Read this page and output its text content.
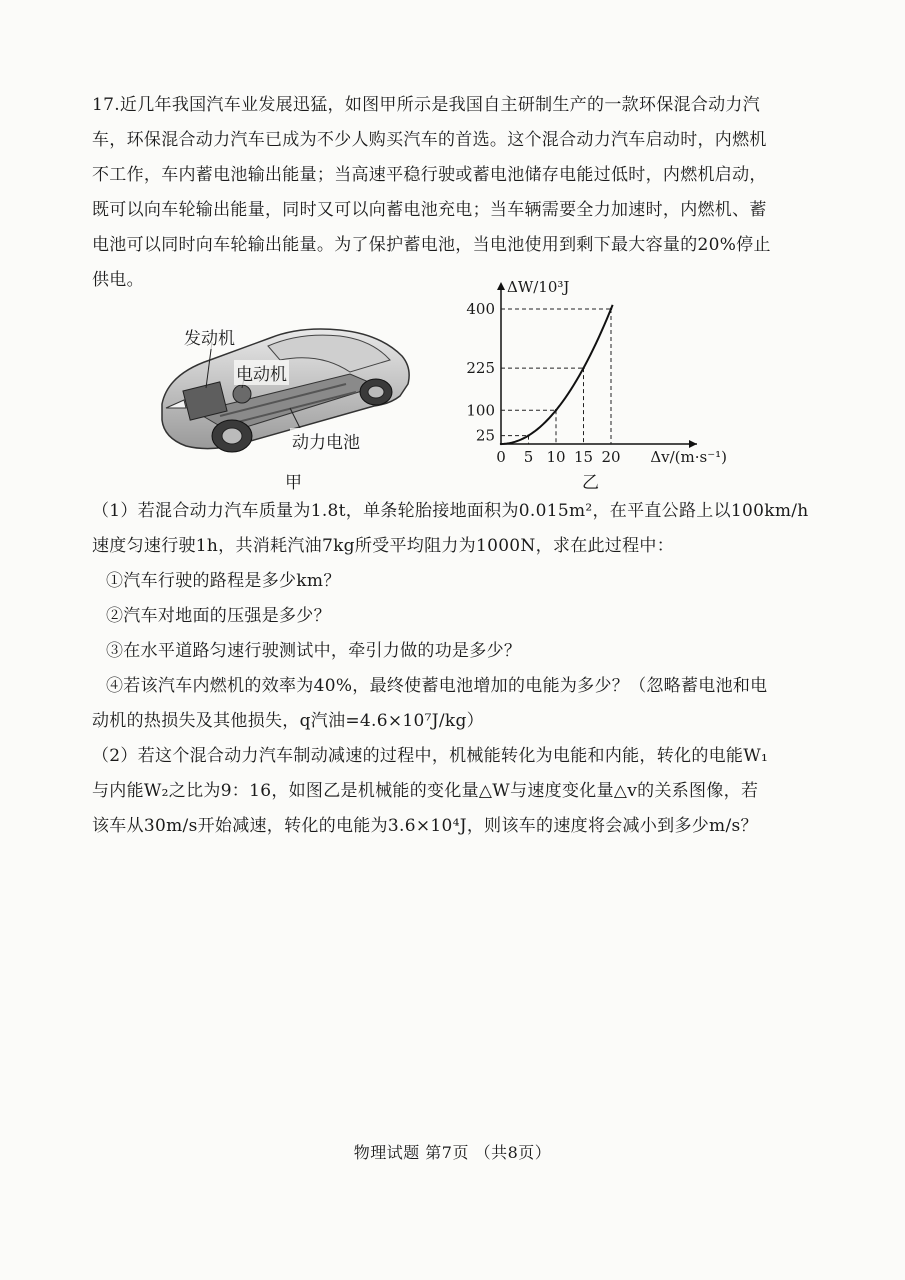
17.近几年我国汽车业发展迅猛，如图甲所示是我国自主研制生产的一款环保混合动力汽
车，环保混合动力汽车已成为不少人购买汽车的首选。这个混合动力汽车启动时，内燃机
不工作，车内蓄电池输出能量；当高速平稳行驶或蓄电池储存电能过低时，内燃机启动，
既可以向车轮输出能量，同时又可以向蓄电池充电；当车辆需要全力加速时，内燃机、蓄
电池可以同时向车轮输出能量。为了保护蓄电池，当电池使用到剩下最大容量的20%停止
供电。
发动机
电动机
动力电池
甲
0 5 10 15 20
25
100
225
400
ΔW/10³J
Δv/(m·s⁻¹)
乙
（1）若混合动力汽车质量为1.8t，单条轮胎接地面积为0.015m²，在平直公路上以100km/h
速度匀速行驶1h，共消耗汽油7kg所受平均阻力为1000N，求在此过程中：
①汽车行驶的路程是多少km？
②汽车对地面的压强是多少？
③在水平道路匀速行驶测试中，牵引力做的功是多少？
④若该汽车内燃机的效率为40%，最终使蓄电池增加的电能为多少？（忽略蓄电池和电
动机的热损失及其他损失，q汽油=4.6×10⁷J/kg）
（2）若这个混合动力汽车制动减速的过程中，机械能转化为电能和内能，转化的电能W₁
与内能W₂之比为9：16，如图乙是机械能的变化量△W与速度变化量△v的关系图像，若
该车从30m/s开始减速，转化的电能为3.6×10⁴J，则该车的速度将会减小到多少m/s？
物理试题 第7页 （共8页）
